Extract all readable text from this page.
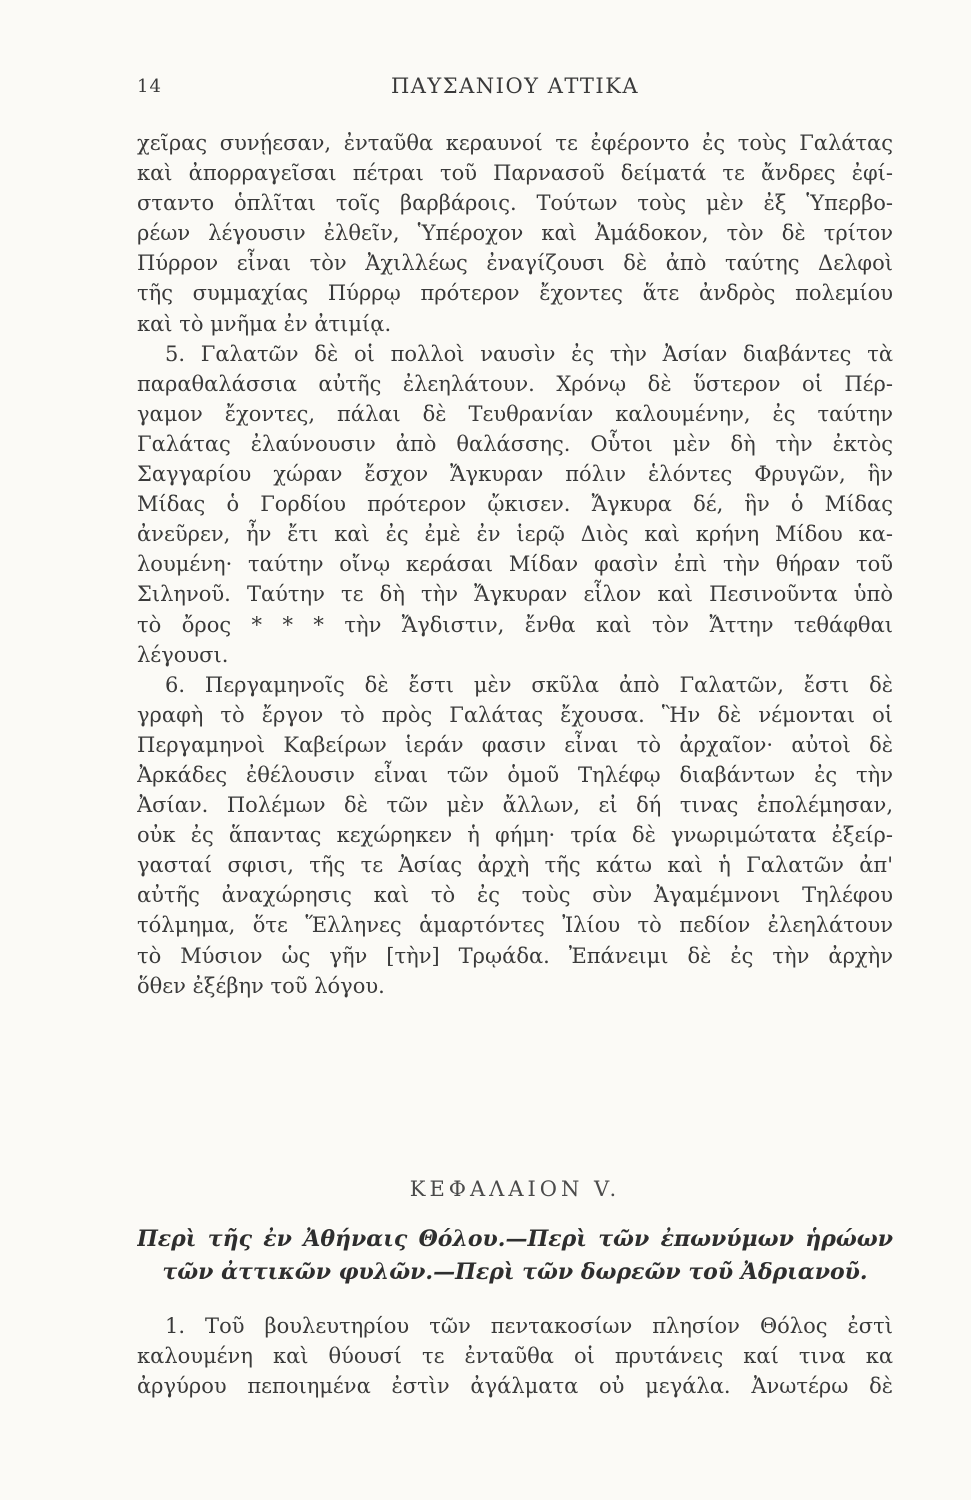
14	ΠΑΥΣΑΝΙΟΥ ΑΤΤΙΚΑ
χεῖρας συνῄεσαν, ἐνταῦθα κεραυνοί τε ἐφέροντο ἐς τοὺς Γαλάτας
καὶ ἀπορραγεῖσαι πέτραι τοῦ Παρνασοῦ δείματά τε ἄνδρες ἐφί-
σταντο ὁπλῖται τοῖς βαρβάροις. Τούτων τοὺς μὲν ἐξ Ὑπερβο-
ρέων λέγουσιν ἐλθεῖν, Ὑπέροχον καὶ Ἀμάδοκον, τὸν δὲ τρίτον
Πύρρον εἶναι τὸν Ἀχιλλέως ἐναγίζουσι δὲ ἀπὸ ταύτης Δελφοὶ
τῆς συμμαχίας Πύρρῳ πρότερον ἔχοντες ἅτε ἀνδρὸς πολεμίου
καὶ τὸ μνῆμα ἐν ἀτιμίᾳ.
5. Γαλατῶν δὲ οἱ πολλοὶ ναυσὶν ἐς τὴν Ἀσίαν διαβάντες τὰ
παραθαλάσσια αὐτῆς ἐλεηλάτουν. Χρόνῳ δὲ ὕστερον οἱ Πέρ-
γαμον ἔχοντες, πάλαι δὲ Τευθρανίαν καλουμένην, ἐς ταύτην
Γαλάτας ἐλαύνουσιν ἀπὸ θαλάσσης. Οὗτοι μὲν δὴ τὴν ἐκτὸς
Σαγγαρίου χώραν ἔσχον Ἄγκυραν πόλιν ἑλόντες Φρυγῶν, ἣν
Μίδας ὁ Γορδίου πρότερον ᾤκισεν. Ἄγκυρα δέ, ἣν ὁ Μίδας
ἀνεῦρεν, ἦν ἔτι καὶ ἐς ἐμὲ ἐν ἱερῷ Διὸς καὶ κρήνη Μίδου κα-
λουμένη· ταύτην οἴνῳ κεράσαι Μίδαν φασὶν ἐπὶ τὴν θήραν τοῦ
Σιληνοῦ. Ταύτην τε δὴ τὴν Ἄγκυραν εἷλον καὶ Πεσινοῦντα ὑπὸ
τὸ ὄρος * * * τὴν Ἄγδιστιν, ἔνθα καὶ τὸν Ἄττην τεθάφθαι
λέγουσι.
6. Περγαμηνοῖς δὲ ἔστι μὲν σκῦλα ἀπὸ Γαλατῶν, ἔστι δὲ
γραφὴ τὸ ἔργον τὸ πρὸς Γαλάτας ἔχουσα. Ἣν δὲ νέμονται οἱ
Περγαμηνοὶ Καβείρων ἱεράν φασιν εἶναι τὸ ἀρχαῖον· αὐτοὶ δὲ
Ἀρκάδες ἐθέλουσιν εἶναι τῶν ὁμοῦ Τηλέφῳ διαβάντων ἐς τὴν
Ἀσίαν. Πολέμων δὲ τῶν μὲν ἄλλων, εἰ δή τινας ἐπολέμησαν,
οὐκ ἐς ἅπαντας κεχώρηκεν ἡ φήμη· τρία δὲ γνωριμώτατα ἐξείρ-
γασταί σφισι, τῆς τε Ἀσίας ἀρχὴ τῆς κάτω καὶ ἡ Γαλατῶν ἀπ'
αὐτῆς ἀναχώρησις καὶ τὸ ἐς τοὺς σὺν Ἀγαμέμνονι Τηλέφου
τόλμημα, ὅτε Ἕλληνες ἁμαρτόντες Ἰλίου τὸ πεδίον ἐλεηλάτουν
τὸ Μύσιον ὡς γῆν [τὴν] Τρῳάδα. Ἐπάνειμι δὲ ἐς τὴν ἀρχὴν
ὅθεν ἐξέβην τοῦ λόγου.
ΚΕΦΑΛΑΙΟΝ V.
Περὶ τῆς ἐν Ἀθήναις Θόλου.—Περὶ τῶν ἐπωνύμων ἡρώων
τῶν ἀττικῶν φυλῶν.—Περὶ τῶν δωρεῶν τοῦ Ἀδριανοῦ.
1. Τοῦ βουλευτηρίου τῶν πεντακοσίων πλησίον Θόλος ἐστὶ
καλουμένη καὶ θύουσί τε ἐνταῦθα οἱ πρυτάνεις καί τινα κα
ἀργύρου πεποιημένα ἐστὶν ἀγάλματα οὐ μεγάλα. Ἀνωτέρω δὲ
